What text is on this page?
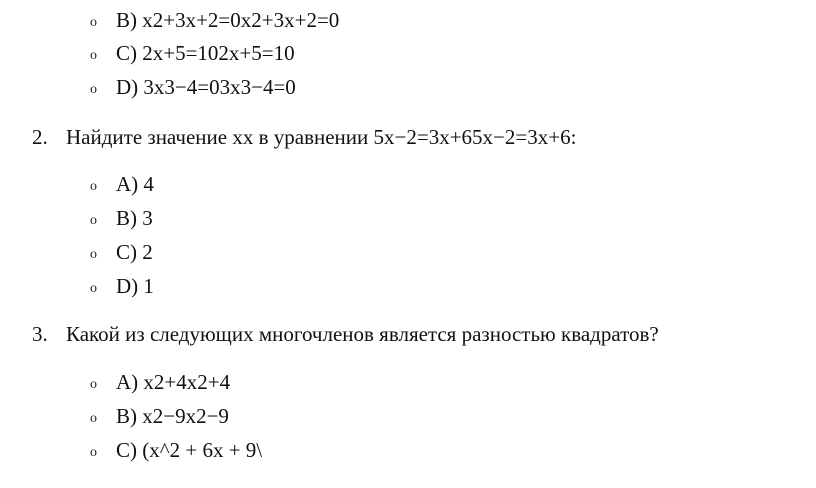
o B) x2+3x+2=0x2+3x+2=0
o C) 2x+5=102x+5=10
o D) 3x3−4=03x3−4=0
2. Найдите значение xx в уравнении 5x−2=3x+65x−2=3x+6:
o A) 4
o B) 3
o C) 2
o D) 1
3. Какой из следующих многочленов является разностью квадратов?
o A) x2+4x2+4
o B) x2−9x2−9
o C) (x^2 + 6x + 9\
